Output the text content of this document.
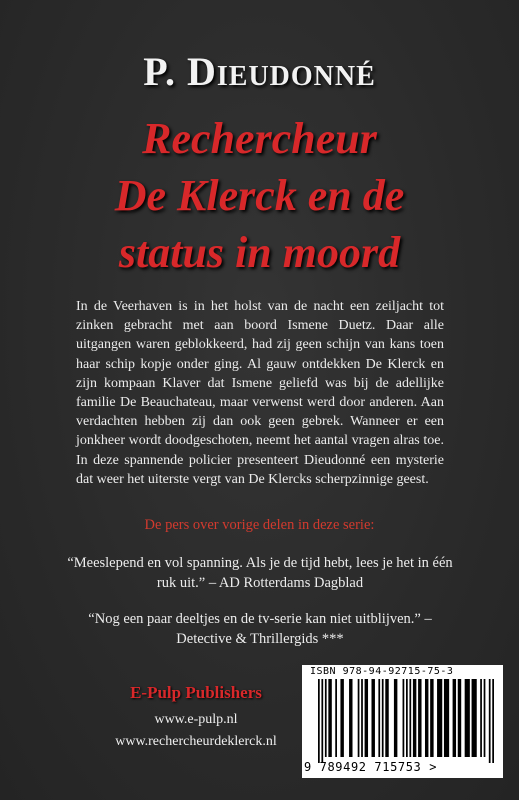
P. Dieudonné
Rechercheur
De Klerck en de
status in moord
In de Veerhaven is in het holst van de nacht een zeiljacht tot zinken gebracht met aan boord Ismene Duetz. Daar alle uitgangen waren geblokkeerd, had zij geen schijn van kans toen haar schip kopje onder ging. Al gauw ontdekken De Klerck en zijn kompaan Klaver dat Ismene geliefd was bij de adellijke familie De Beauchateau, maar verwenst werd door anderen. Aan verdachten hebben zij dan ook geen gebrek. Wanneer er een jonkheer wordt doodgeschoten, neemt het aantal vragen alras toe. In deze spannende policier presenteert Dieudonné een mysterie dat weer het uiterste vergt van De Klercks scherpzinnige geest.
De pers over vorige delen in deze serie:
“Meeslepend en vol spanning. Als je de tijd hebt, lees je het in één ruk uit.” – AD Rotterdams Dagblad
“Nog een paar deeltjes en de tv-serie kan niet uitblijven.” – Detective & Thrillergids ***
E-Pulp Publishers
www.e-pulp.nl
www.rechercheurdeklerck.nl
ISBN 978-94-92715-75-3
9 789492 715753 >
